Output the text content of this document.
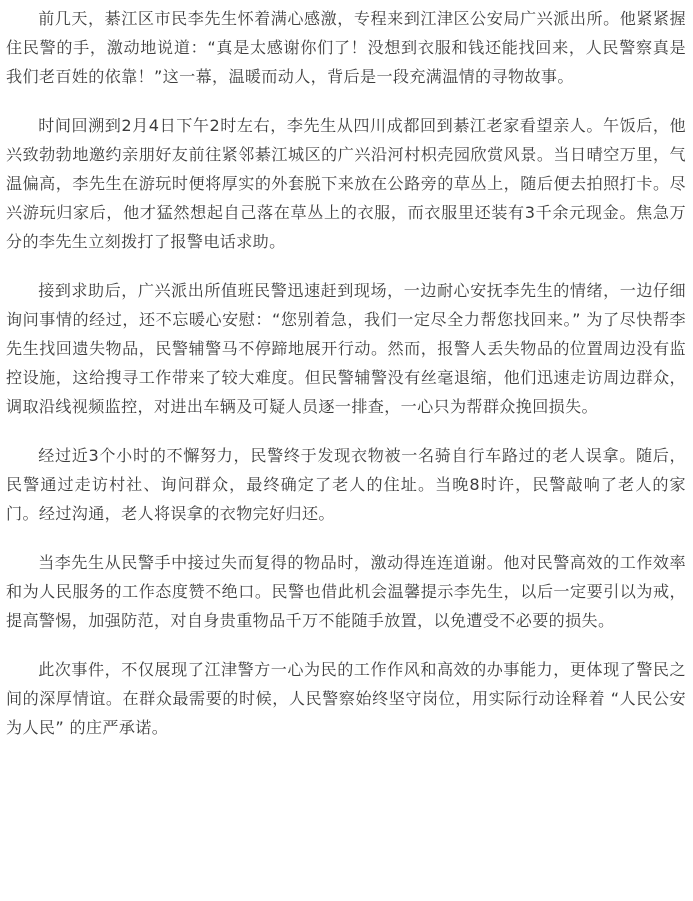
前几天，綦江区市民李先生怀着满心感激，专程来到江津区公安局广兴派出所。他紧紧握住民警的手，激动地说道：“真是太感谢你们了！没想到衣服和钱还能找回来，人民警察真是我们老百姓的依靠！”这一幕，温暖而动人，背后是一段充满温情的寻物故事。

时间回溯到2月4日下午2时左右，李先生从四川成都回到綦江老家看望亲人。午饭后，他兴致勃勃地邀约亲朋好友前往紧邻綦江城区的广兴沿河村枳壳园欣赏风景。当日晴空万里，气温偏高，李先生在游玩时便将厚实的外套脱下来放在公路旁的草丛上，随后便去拍照打卡。尽兴游玩归家后，他才猛然想起自己落在草丛上的衣服，而衣服里还装有3千余元现金。焦急万分的李先生立刻拨打了报警电话求助。

接到求助后，广兴派出所值班民警迅速赶到现场，一边耐心安抚李先生的情绪，一边仔细询问事情的经过，还不忘暖心安慰：“您别着急，我们一定尽全力帮您找回来。” 为了尽快帮李先生找回遗失物品，民警辅警马不停蹄地展开行动。然而，报警人丢失物品的位置周边没有监控设施，这给搜寻工作带来了较大难度。但民警辅警没有丝毫退缩，他们迅速走访周边群众，调取沿线视频监控，对进出车辆及可疑人员逐一排查，一心只为帮群众挽回损失。

经过近3个小时的不懈努力，民警终于发现衣物被一名骑自行车路过的老人误拿。随后，民警通过走访村社、询问群众，最终确定了老人的住址。当晚8时许，民警敲响了老人的家门。经过沟通，老人将误拿的衣物完好归还。

当李先生从民警手中接过失而复得的物品时，激动得连连道谢。他对民警高效的工作效率和为人民服务的工作态度赞不绝口。民警也借此机会温馨提示李先生，以后一定要引以为戒，提高警惕，加强防范，对自身贵重物品千万不能随手放置，以免遭受不必要的损失。

此次事件，不仅展现了江津警方一心为民的工作作风和高效的办事能力，更体现了警民之间的深厚情谊。在群众最需要的时候，人民警察始终坚守岗位，用实际行动诠释着 “人民公安为人民” 的庄严承诺。
